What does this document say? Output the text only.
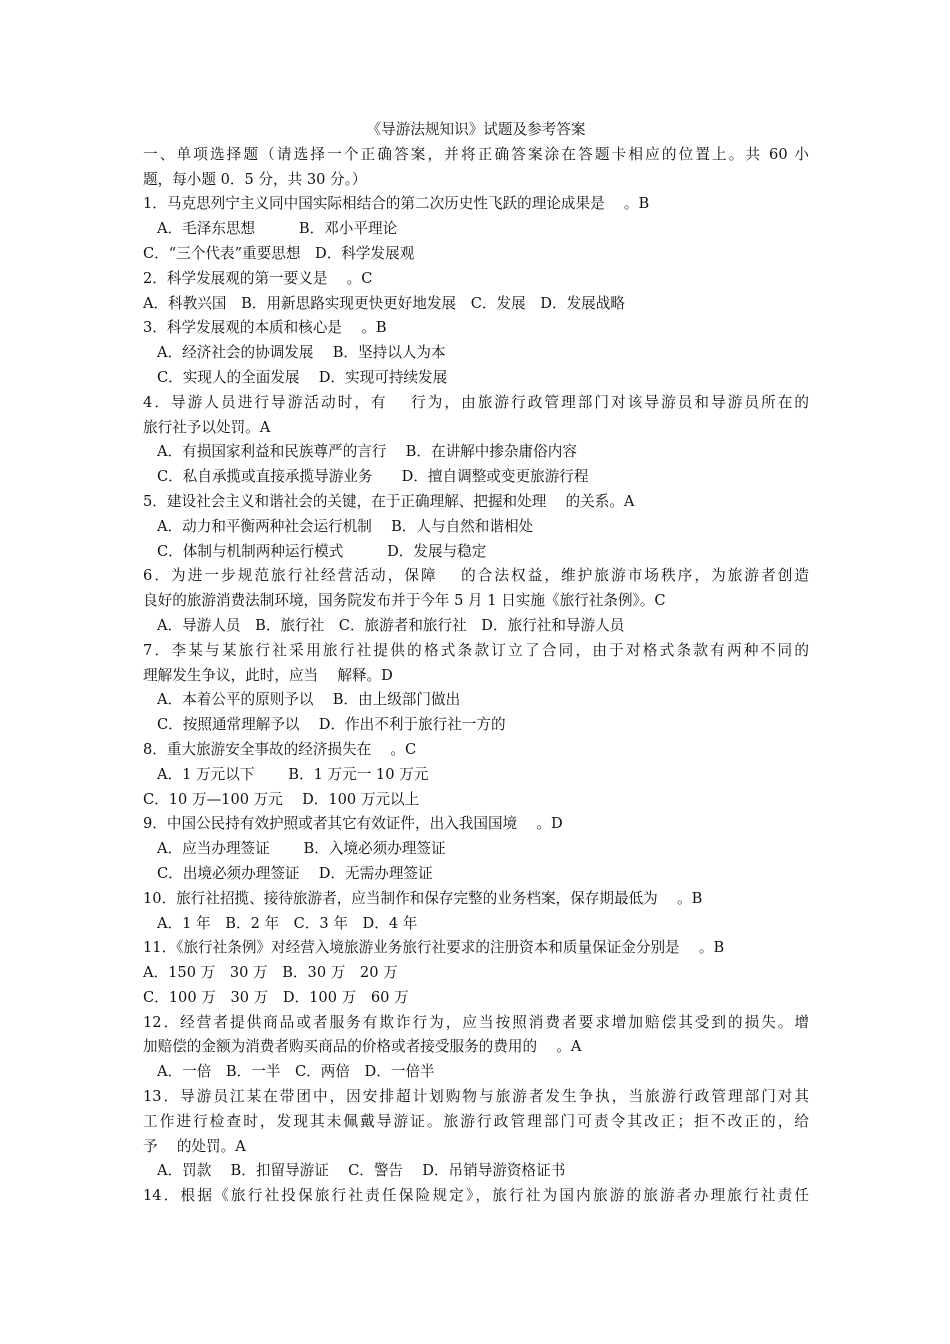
《导游法规知识》试题及参考答案
一、单项选择题（请选择一个正确答案，并将正确答案涂在答题卡相应的位置上。共 60 小
题，每小题 0．5 分，共 30 分。）
1．马克思列宁主义同中国实际相结合的第二次历史性飞跃的理论成果是　 。B
A．毛泽东思想　　　B．邓小平理论
C．“三个代表”重要思想　D．科学发展观
2．科学发展观的第一要义是　 。C
A．科教兴国　B．用新思路实现更快更好地发展　C．发展　D．发展战略
3．科学发展观的本质和核心是　 。B
A．经济社会的协调发展　 B．坚持以人为本
C．实现人的全面发展　 D．实现可持续发展
4．导游人员进行导游活动时，有　 行为，由旅游行政管理部门对该导游员和导游员所在的
旅行社予以处罚。A
A．有损国家利益和民族尊严的言行　 B．在讲解中掺杂庸俗内容
C．私自承揽或直接承揽导游业务　　D．擅自调整或变更旅游行程
5．建设社会主义和谐社会的关键，在于正确理解、把握和处理　 的关系。A
A．动力和平衡两种社会运行机制　 B．人与自然和谐相处
C．体制与机制两种运行模式　　　D．发展与稳定
6．为进一步规范旅行社经营活动，保障　 的合法权益，维护旅游市场秩序，为旅游者创造
良好的旅游消费法制环境，国务院发布并于今年 5 月 1 日实施《旅行社条例》。C
A．导游人员　B．旅行社　C．旅游者和旅行社　D．旅行社和导游人员
7．李某与某旅行社采用旅行社提供的格式条款订立了合同，由于对格式条款有两种不同的
理解发生争议，此时，应当　 解释。D
A．本着公平的原则予以　 B．由上级部门做出
C．按照通常理解予以　 D．作出不利于旅行社一方的
8．重大旅游安全事故的经济损失在　 。C
A．1 万元以下　　 B．1 万元一 10 万元
C．10 万—100 万元　 D．100 万元以上
9．中国公民持有效护照或者其它有效证件，出入我国国境　 。D
A．应当办理签证　　 B．入境必须办理签证
C．出境必须办理签证　 D．无需办理签证
10．旅行社招揽、接待旅游者，应当制作和保存完整的业务档案，保存期最低为　 。B
A．1 年　B．2 年　C．3 年　D．4 年
11．《旅行社条例》对经营入境旅游业务旅行社要求的注册资本和质量保证金分别是　 。B
A．150 万　30 万　B．30 万　20 万
C．100 万　30 万　D．100 万　60 万
12．经营者提供商品或者服务有欺诈行为，应当按照消费者要求增加赔偿其受到的损失。增
加赔偿的金额为消费者购买商品的价格或者接受服务的费用的　 。A
A．一倍　B．一半　C．两倍　D．一倍半
13．导游员江某在带团中，因安排超计划购物与旅游者发生争执，当旅游行政管理部门对其
工作进行检查时，发现其未佩戴导游证。旅游行政管理部门可责令其改正；拒不改正的，给
予　 的处罚。A
A．罚款　 B．扣留导游证　 C．警告　 D．吊销导游资格证书
14．根据《旅行社投保旅行社责任保险规定》，旅行社为国内旅游的旅游者办理旅行社责任
